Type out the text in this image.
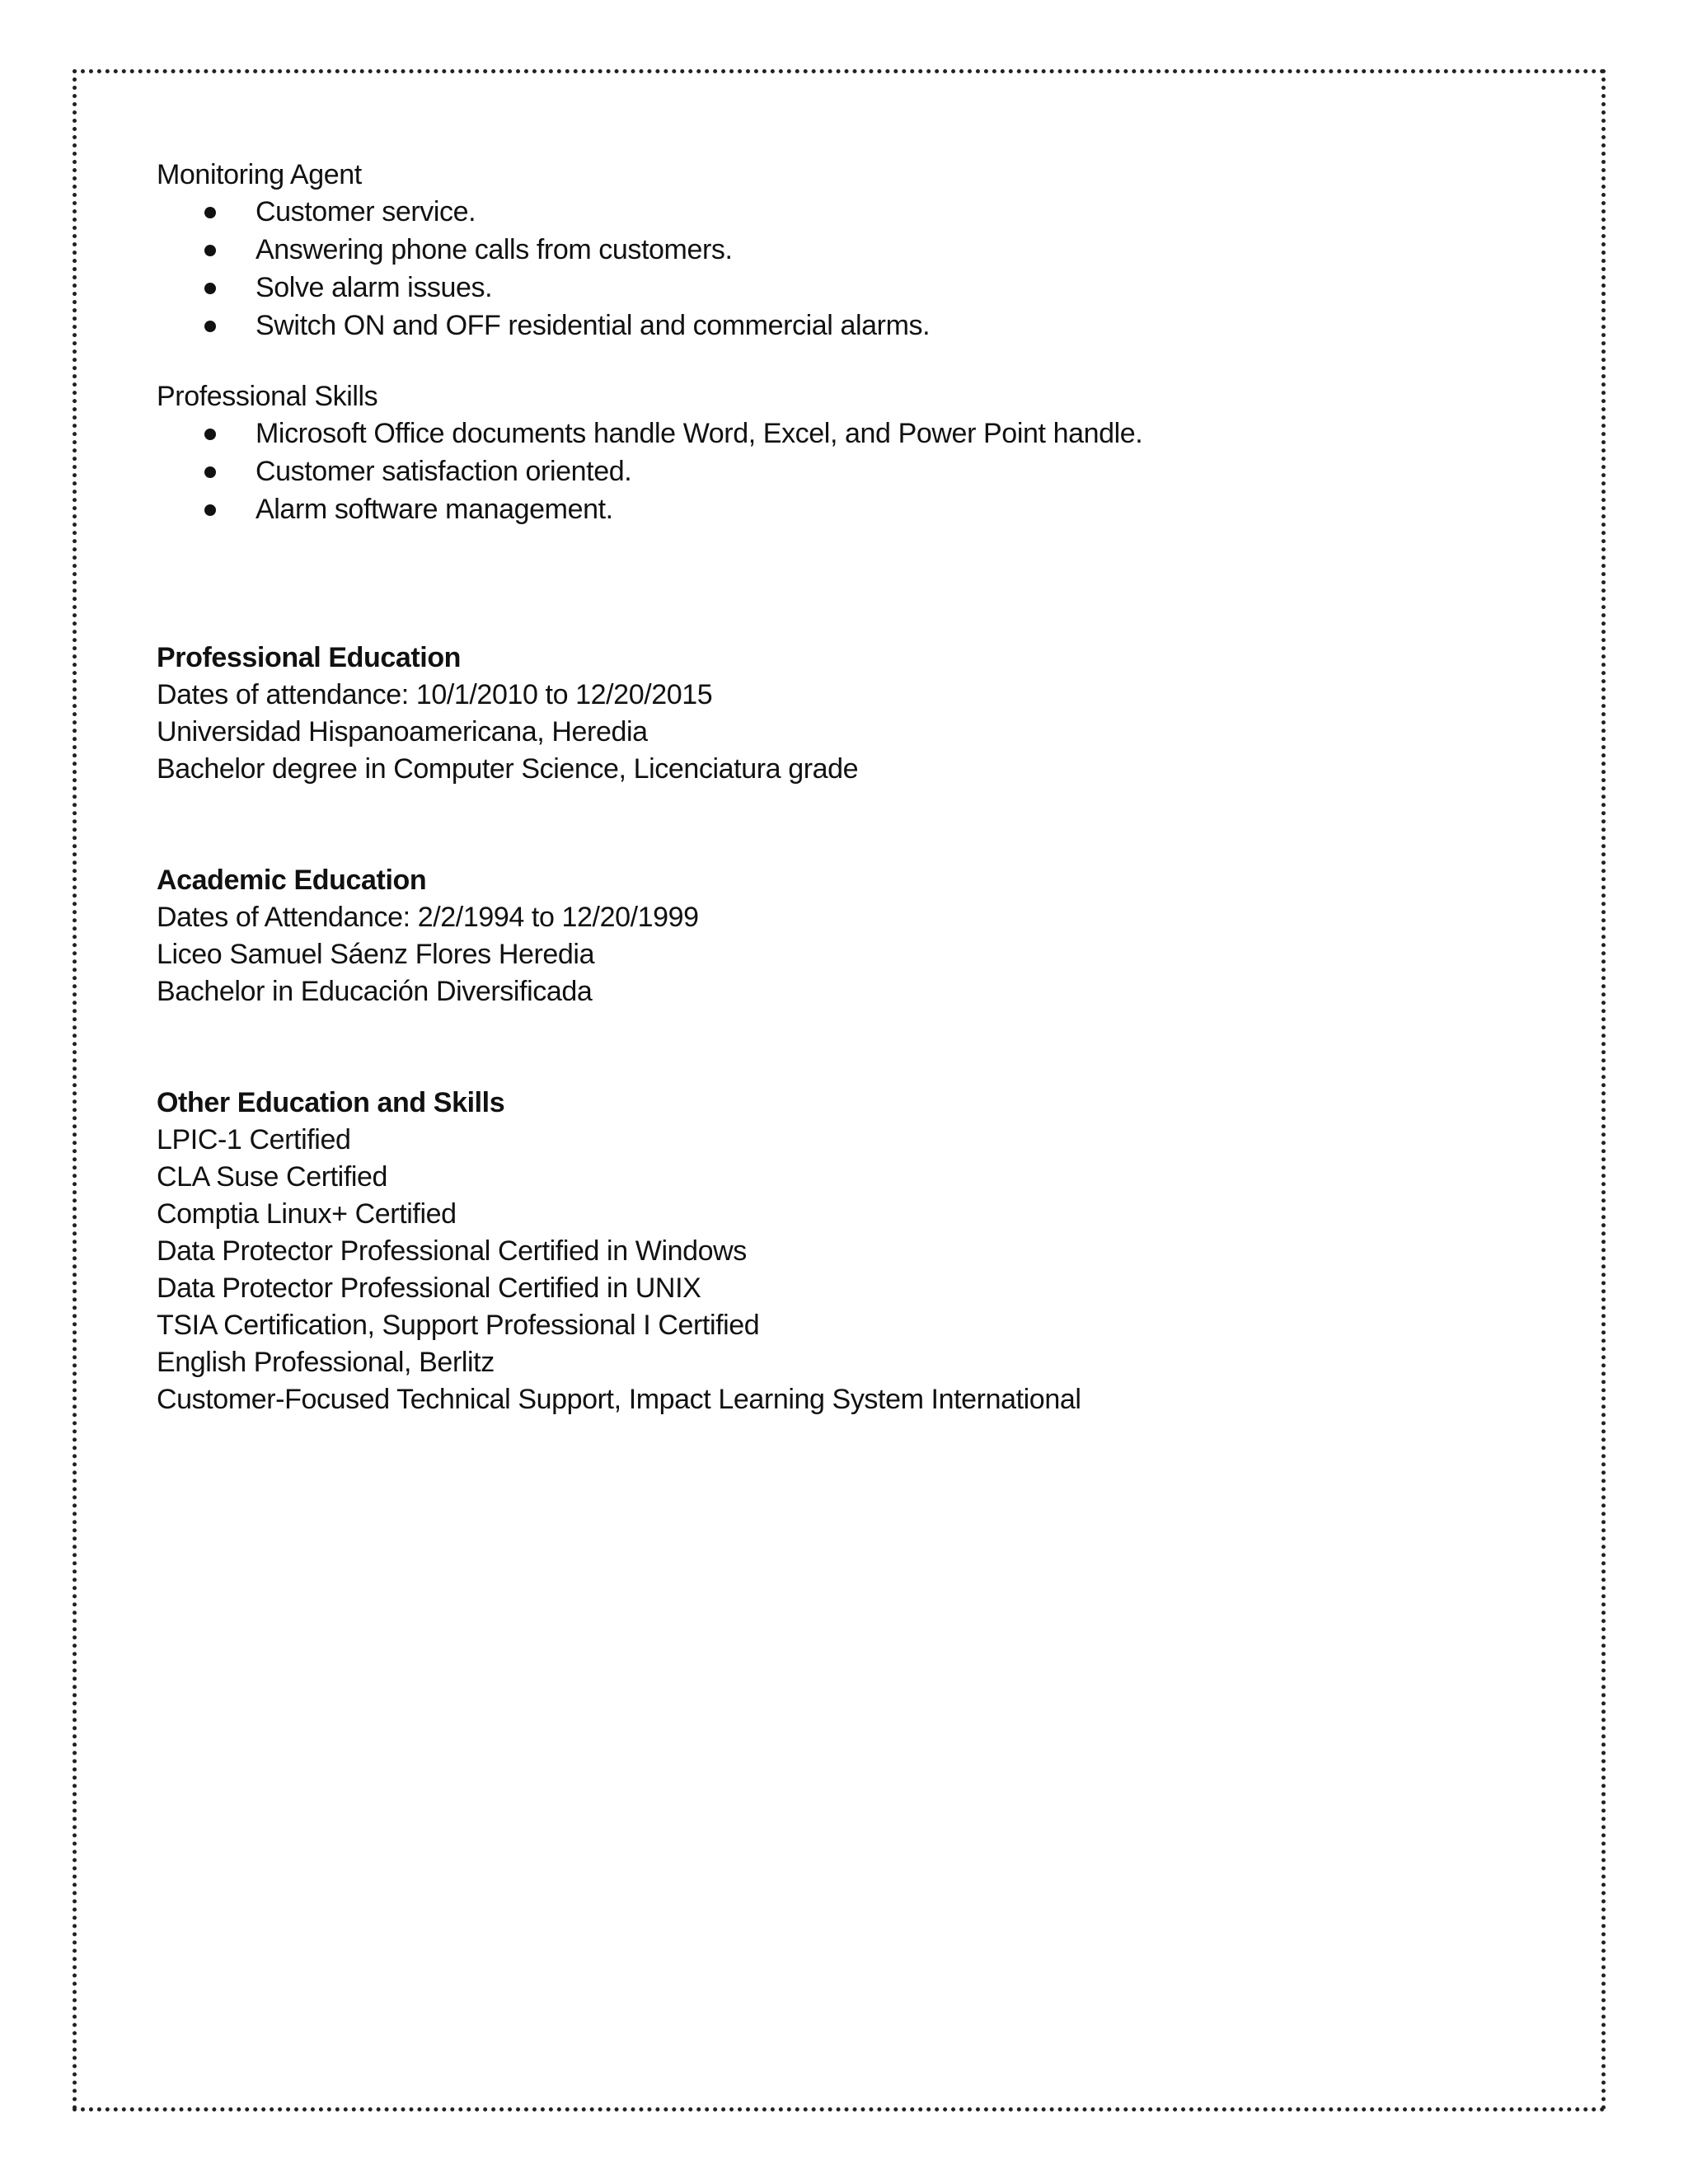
Monitoring Agent

Customer service.
Answering phone calls from customers.
Solve alarm issues.
Switch ON and OFF residential and commercial alarms.

Professional Skills

Microsoft Office documents handle Word, Excel, and Power Point handle.
Customer satisfaction oriented.
Alarm software management.

Professional Education

Dates of attendance: 10/1/2010 to 12/20/2015

Universidad Hispanoamericana, Heredia

Bachelor degree in Computer Science, Licenciatura grade

Academic Education

Dates of Attendance: 2/2/1994 to 12/20/1999

Liceo Samuel Sáenz Flores Heredia

Bachelor in Educación Diversificada

Other Education and Skills

LPIC-1 Certified

CLA Suse Certified

Comptia Linux+ Certified

Data Protector Professional Certified in Windows

Data Protector Professional Certified in UNIX

TSIA Certification, Support Professional I Certified

English Professional, Berlitz

Customer-Focused Technical Support, Impact Learning System International
